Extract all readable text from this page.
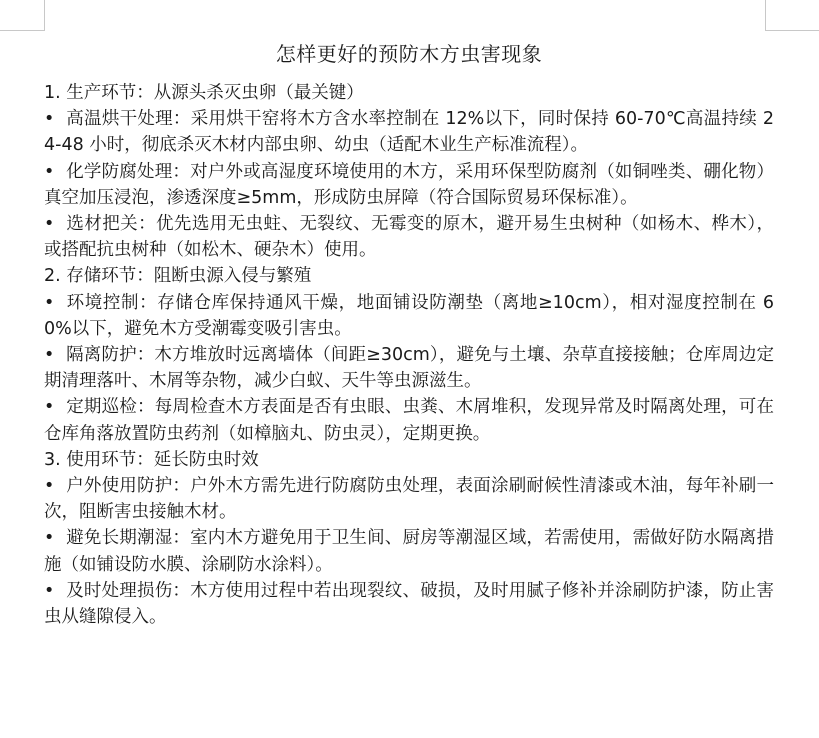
怎样更好的预防木方虫害现象

1. 生产环节：从源头杀灭虫卵（最关键）

• 高温烘干处理：采用烘干窑将木方含水率控制在 12%以下，同时保持 60-70℃高温持续 24-48 小时，彻底杀灭木材内部虫卵、幼虫（适配木业生产标准流程）。

• 化学防腐处理：对户外或高湿度环境使用的木方，采用环保型防腐剂（如铜唑类、硼化物）真空加压浸泡，渗透深度≥5mm，形成防虫屏障（符合国际贸易环保标准）。

• 选材把关：优先选用无虫蛀、无裂纹、无霉变的原木，避开易生虫树种（如杨木、桦木），或搭配抗虫树种（如松木、硬杂木）使用。

2. 存储环节：阻断虫源入侵与繁殖

• 环境控制：存储仓库保持通风干燥，地面铺设防潮垫（离地≥10cm），相对湿度控制在 60%以下，避免木方受潮霉变吸引害虫。

• 隔离防护：木方堆放时远离墙体（间距≥30cm），避免与土壤、杂草直接接触；仓库周边定期清理落叶、木屑等杂物，减少白蚁、天牛等虫源滋生。

• 定期巡检：每周检查木方表面是否有虫眼、虫粪、木屑堆积，发现异常及时隔离处理，可在仓库角落放置防虫药剂（如樟脑丸、防虫灵），定期更换。

3. 使用环节：延长防虫时效

• 户外使用防护：户外木方需先进行防腐防虫处理，表面涂刷耐候性清漆或木油，每年补刷一次，阻断害虫接触木材。

• 避免长期潮湿：室内木方避免用于卫生间、厨房等潮湿区域，若需使用，需做好防水隔离措施（如铺设防水膜、涂刷防水涂料）。

• 及时处理损伤：木方使用过程中若出现裂纹、破损，及时用腻子修补并涂刷防护漆，防止害虫从缝隙侵入。
